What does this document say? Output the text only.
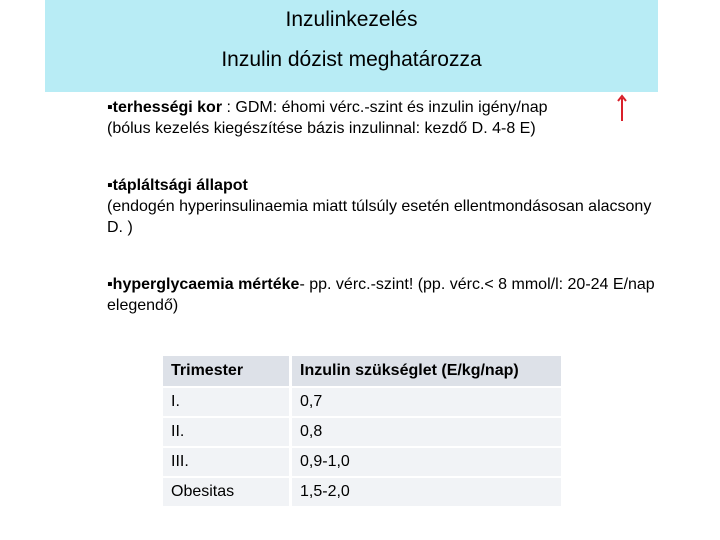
Inzulinkezelés
Inzulin dózist meghatározza
▪terhességi kor : GDM: éhomi vérc.-szint és inzulin igény/nap
(bólus kezelés kiegészítése bázis inzulinnal: kezdő D. 4-8 E)
▪tápláltsági állapot
(endogén hyperinsulinaemia miatt túlsúly esetén ellentmondásosan alacsony D. )
▪hyperglycaemia mértéke- pp. vérc.-szint! (pp. vérc.< 8 mmol/l: 20-24 E/nap elegendő)
Trimester	Inzulin szükséglet (E/kg/nap)
I.	0,7
II.	0,8
III.	0,9-1,0
Obesitas	1,5-2,0
